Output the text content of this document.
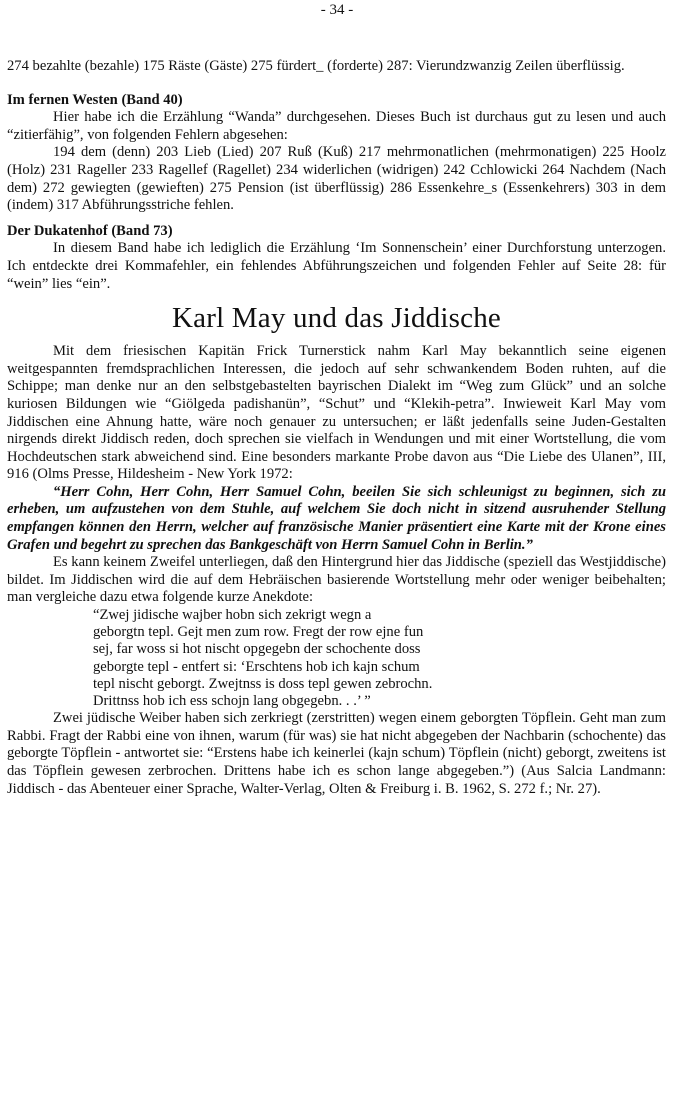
- 34 -

274 bezahlte (bezahle) 175 Räste (Gäste) 275 fürdert_ (forderte) 287: Vierundzwanzig Zeilen überflüssig.

Im fernen Westen (Band 40)

Hier habe ich die Erzählung “Wanda” durchgesehen. Dieses Buch ist durchaus gut zu lesen und auch “zitierfähig”, von folgenden Fehlern abgesehen:

194 dem (denn) 203 Lieb (Lied) 207 Ruß (Kuß) 217 mehrmonatlichen (mehrmonatigen) 225 Hoolz (Holz) 231 Rageller 233 Ragellef (Ragellet) 234 widerlichen (widrigen) 242 Cchlowicki 264 Nachdem (Nach dem) 272 gewiegten (gewieften) 275 Pension (ist überflüssig) 286 Essenkehre_s (Essenkehrers) 303 in dem (indem) 317 Abführungsstriche fehlen.

Der Dukatenhof (Band 73)

In diesem Band habe ich lediglich die Erzählung ‘Im Sonnenschein’ einer Durchforstung unterzogen. Ich entdeckte drei Kommafehler, ein fehlendes Abführungszeichen und folgenden Fehler auf Seite 28: für “wein” lies “ein”.

Karl May und das Jiddische

Mit dem friesischen Kapitän Frick Turnerstick nahm Karl May bekanntlich seine eigenen weitgespannten fremdsprachlichen Interessen, die jedoch auf sehr schwankendem Boden ruhten, auf die Schippe; man denke nur an den selbstgebastelten bayrischen Dialekt im “Weg zum Glück” und an solche kuriosen Bildungen wie “Giölgeda padishanün”, “Schut” und “Klekih-petra”. Inwieweit Karl May vom Jiddischen eine Ahnung hatte, wäre noch genauer zu untersuchen; er läßt jedenfalls seine Juden-Gestalten nirgends direkt Jiddisch reden, doch sprechen sie vielfach in Wendungen und mit einer Wortstellung, die vom Hochdeutschen stark abweichend sind. Eine besonders markante Probe davon aus “Die Liebe des Ulanen”, III, 916 (Olms Presse, Hildesheim - New York 1972:

“Herr Cohn, Herr Cohn, Herr Samuel Cohn, beeilen Sie sich schleunigst zu beginnen, sich zu erheben, um aufzustehen von dem Stuhle, auf welchem Sie doch nicht in sitzend ausruhender Stellung empfangen können den Herrn, welcher auf französische Manier präsentiert eine Karte mit der Krone eines Grafen und begehrt zu sprechen das Bankgeschäft von Herrn Samuel Cohn in Berlin.”

Es kann keinem Zweifel unterliegen, daß den Hintergrund hier das Jiddische (speziell das Westjiddische) bildet. Im Jiddischen wird die auf dem Hebräischen basierende Wortstellung mehr oder weniger beibehalten; man vergleiche dazu etwa folgende kurze Anekdote:

“Zwej jidische wajber hobn sich zekrigt wegn a
geborgtn tepl. Gejt men zum row. Fregt der row ejne fun
sej, far woss si hot nischt opgegebn der schochente doss
geborgte tepl - entfert si: ‘Erschtens hob ich kajn schum
tepl nischt geborgt. Zwejtnss is doss tepl gewen zebrochn.
Drittnss hob ich ess schojn lang obgegebn. . .’ ”

Zwei jüdische Weiber haben sich zerkriegt (zerstritten) wegen einem geborgten Töpflein. Geht man zum Rabbi. Fragt der Rabbi eine von ihnen, warum (für was) sie hat nicht abgegeben der Nachbarin (schochente) das geborgte Töpflein - antwortet sie: “Erstens habe ich keinerlei (kajn schum) Töpflein (nicht) geborgt, zweitens ist das Töpflein gewesen zerbrochen. Drittens habe ich es schon lange abgegeben.”) (Aus Salcia Landmann: Jiddisch - das Abenteuer einer Sprache, Walter-Verlag, Olten & Freiburg i. B. 1962, S. 272 f.; Nr. 27).
